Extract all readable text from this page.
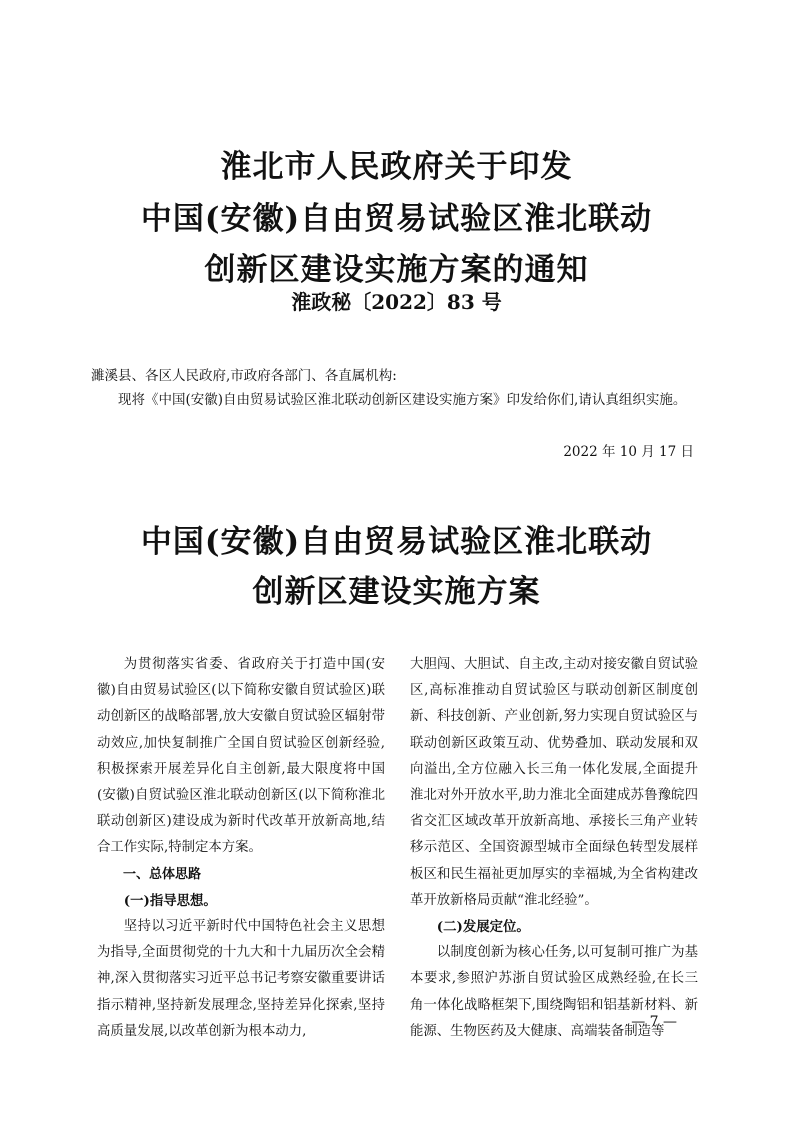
淮北市人民政府关于印发
中国(安徽)自由贸易试验区淮北联动
创新区建设实施方案的通知
淮政秘〔2022〕83 号
濉溪县、各区人民政府,市政府各部门、各直属机构:
现将《中国(安徽)自由贸易试验区淮北联动创新区建设实施方案》印发给你们,请认真组织实施。
2022 年 10 月 17 日
中国(安徽)自由贸易试验区淮北联动
创新区建设实施方案

为贯彻落实省委、省政府关于打造中国(安徽)自由贸易试验区(以下简称安徽自贸试验区)联动创新区的战略部署,放大安徽自贸试验区辐射带动效应,加快复制推广全国自贸试验区创新经验,积极探索开展差异化自主创新,最大限度将中国(安徽)自贸试验区淮北联动创新区(以下简称淮北联动创新区)建设成为新时代改革开放新高地,结合工作实际,特制定本方案。

一、总体思路

(一)指导思想。

坚持以习近平新时代中国特色社会主义思想为指导,全面贯彻党的十九大和十九届历次全会精神,深入贯彻落实习近平总书记考察安徽重要讲话指示精神,坚持新发展理念,坚持差异化探索,坚持高质量发展,以改革创新为根本动力,

大胆闯、大胆试、自主改,主动对接安徽自贸试验区,高标准推动自贸试验区与联动创新区制度创新、科技创新、产业创新,努力实现自贸试验区与联动创新区政策互动、优势叠加、联动发展和双向溢出,全方位融入长三角一体化发展,全面提升淮北对外开放水平,助力淮北全面建成苏鲁豫皖四省交汇区域改革开放新高地、承接长三角产业转移示范区、全国资源型城市全面绿色转型发展样板区和民生福祉更加厚实的幸福城,为全省构建改革开放新格局贡献“淮北经验”。

(二)发展定位。

以制度创新为核心任务,以可复制可推广为基本要求,参照沪苏浙自贸试验区成熟经验,在长三角一体化战略框架下,围绕陶铝和铝基新材料、新能源、生物医药及大健康、高端装备制造等

— 7 —
